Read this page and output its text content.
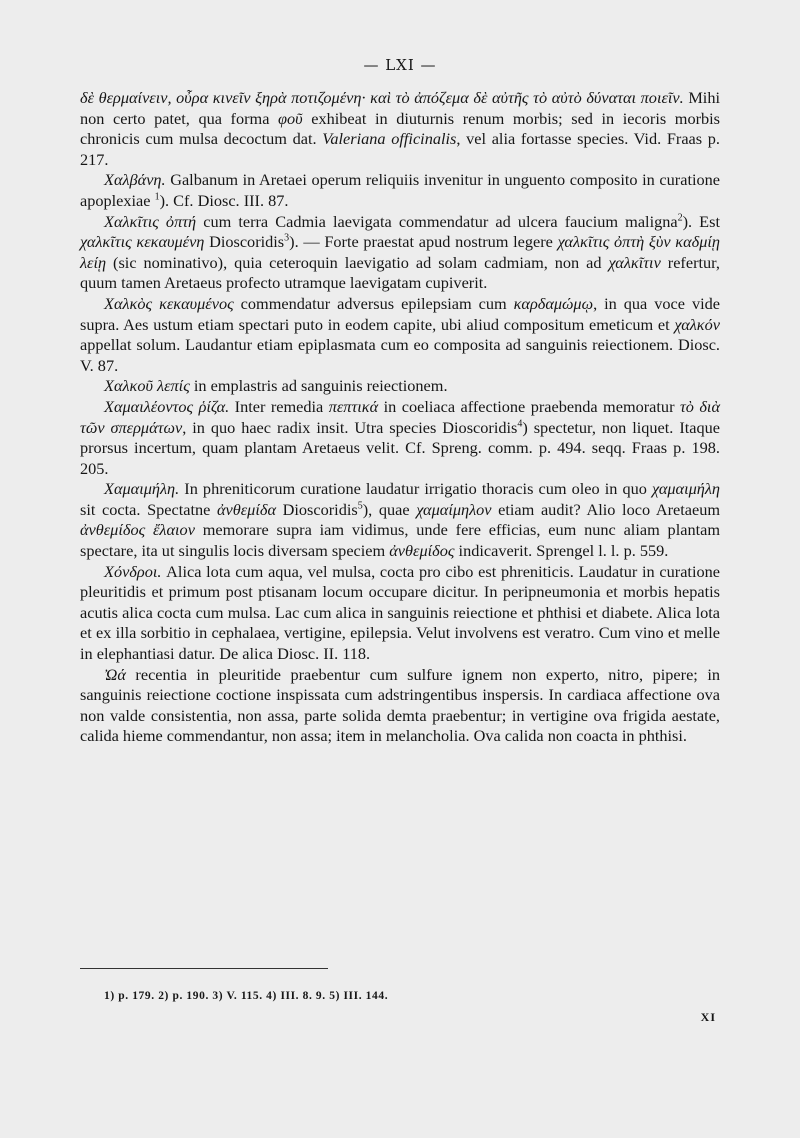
— LXI —

δὲ θερμαίνειν, οὖρα κινεῖν ξηρὰ ποτιζομένη· καὶ τὸ ἀπόζεμα δὲ αὐτῆς τὸ αὐτὸ δύναται ποιεῖν. Mihi non certo patet, qua forma φοῦ exhibeat in diuturnis renum morbis; sed in iecoris morbis chronicis cum mulsa decoctum dat. Valeriana officinalis, vel alia fortasse species. Vid. Fraas p. 217.

Χαλβάνη. Galbanum in Aretaei operum reliquiis invenitur in unguento composito in curatione apoplexiae $^1$). Cf. Diosc. III. 87.

Χαλκῖτις ὀπτή cum terra Cadmia laevigata commendatur ad ulcera faucium maligna$^2$). Est χαλκῖτις κεκαυμένη Dioscoridis$^3$). — Forte praestat apud nostrum legere χαλκῖτις ὀπτὴ ξὺν καδμίῃ λείῃ (sic nominativo), quia ceteroquin laevigatio ad solam cadmiam, non ad χαλκῖτιν refertur, quum tamen Aretaeus profecto utramque laevigatam cupiverit.

Χαλκὸς κεκαυμένος commendatur adversus epilepsiam cum καρδαμώμῳ, in qua voce vide supra. Aes ustum etiam spectari puto in eodem capite, ubi aliud compositum emeticum et χαλκόν appellat solum. Laudantur etiam epiplasmata cum eo composita ad sanguinis reiectionem. Diosc. V. 87.

Χαλκοῦ λεπίς in emplastris ad sanguinis reiectionem.

Χαμαιλέοντος ῥίζα. Inter remedia πεπτικά in coeliaca affectione praebenda memoratur τὸ διὰ τῶν σπερμάτων, in quo haec radix insit. Utra species Dioscoridis$^4$) spectetur, non liquet. Itaque prorsus incertum, quam plantam Aretaeus velit. Cf. Spreng. comm. p. 494. seqq. Fraas p. 198. 205.

Χαμαιμήλη. In phreniticorum curatione laudatur irrigatio thoracis cum oleo in quo χαμαιμήλη sit cocta. Spectatne ἀνθεμίδα Dioscoridis$^5$), quae χαμαίμηλον etiam audit? Alio loco Aretaeum ἀνθεμίδος ἔλαιον memorare supra iam vidimus, unde fere efficias, eum nunc aliam plantam spectare, ita ut singulis locis diversam speciem ἀνθεμίδος indicaverit. Sprengel l. l. p. 559.

Χόνδροι. Alica lota cum aqua, vel mulsa, cocta pro cibo est phreniticis. Laudatur in curatione pleuritidis et primum post ptisanam locum occupare dicitur. In peripneumonia et morbis hepatis acutis alica cocta cum mulsa. Lac cum alica in sanguinis reiectione et phthisi et diabete. Alica lota et ex illa sorbitio in cephalaea, vertigine, epilepsia. Velut involvens est veratro. Cum vino et melle in elephantiasi datur. De alica Diosc. II. 118.

Ὠά recentia in pleuritide praebentur cum sulfure ignem non experto, nitro, pipere; in sanguinis reiectione coctione inspissata cum adstringentibus inspersis. In cardiaca affectione ova non valde consistentia, non assa, parte solida demta praebentur; in vertigine ova frigida aestate, calida hieme commendantur, non assa; item in melancholia. Ova calida non coacta in phthisi.

1) p. 179. 2) p. 190. 3) V. 115. 4) III. 8. 9. 5) III. 144.
XI
